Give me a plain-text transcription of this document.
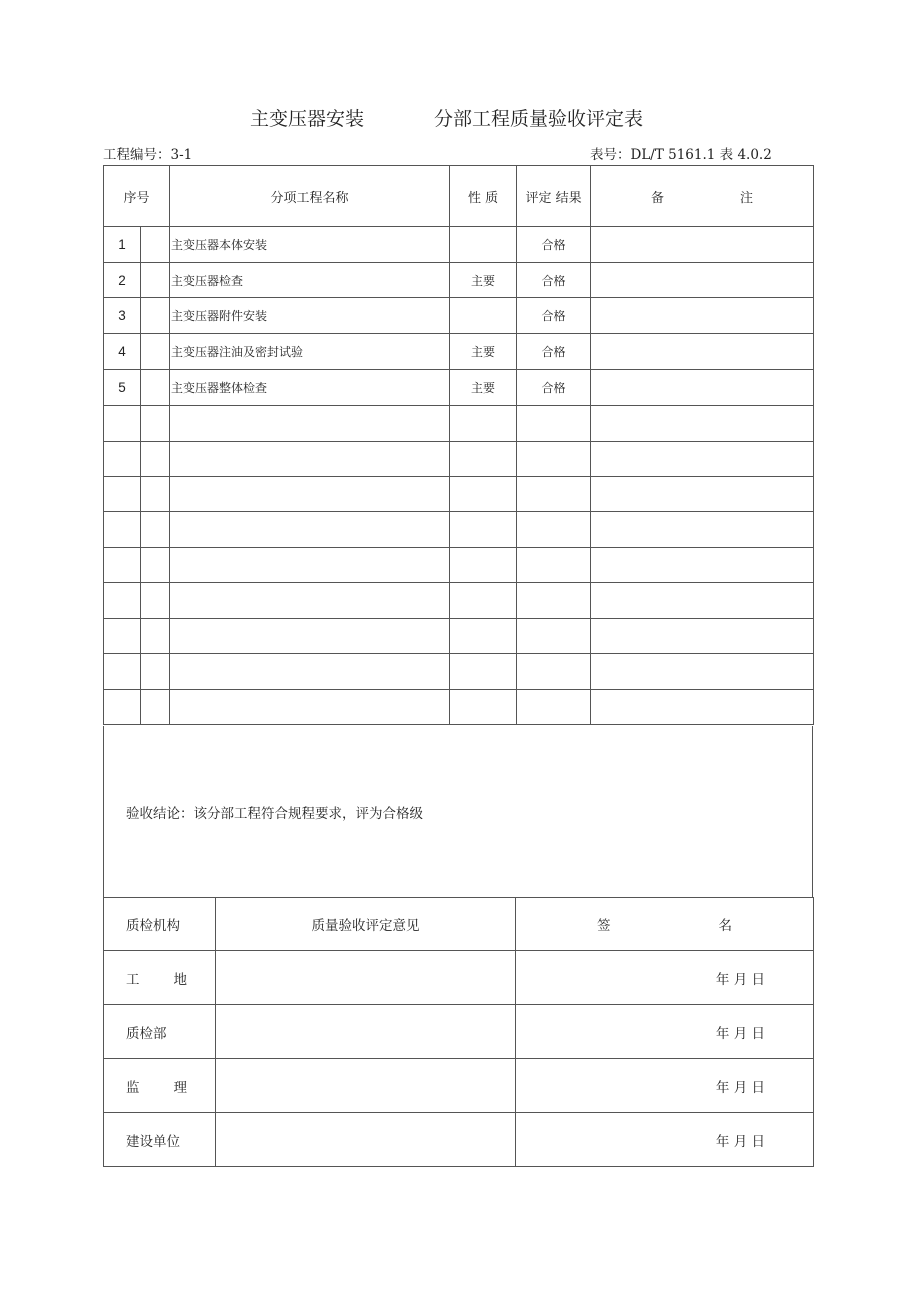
主变压器安装	分部工程质量验收评定表
工程编号：3-1	表号：DL/T 5161.1 表 4.0.2
序号		分项工程名称	性 质	评定 结果	备 注
1		主变压器本体安装		合格	
2		主变压器检查	主要	合格	
3		主变压器附件安装		合格	
4		主变压器注油及密封试验	主要	合格	
5		主变压器整体检查	主要	合格	

验收结论：该分部工程符合规程要求，评为合格级
质检机构	质量验收评定意见	签 名
工 地		年 月 日
质检部		年 月 日
监 理		年 月 日
建设单位		年 月 日
